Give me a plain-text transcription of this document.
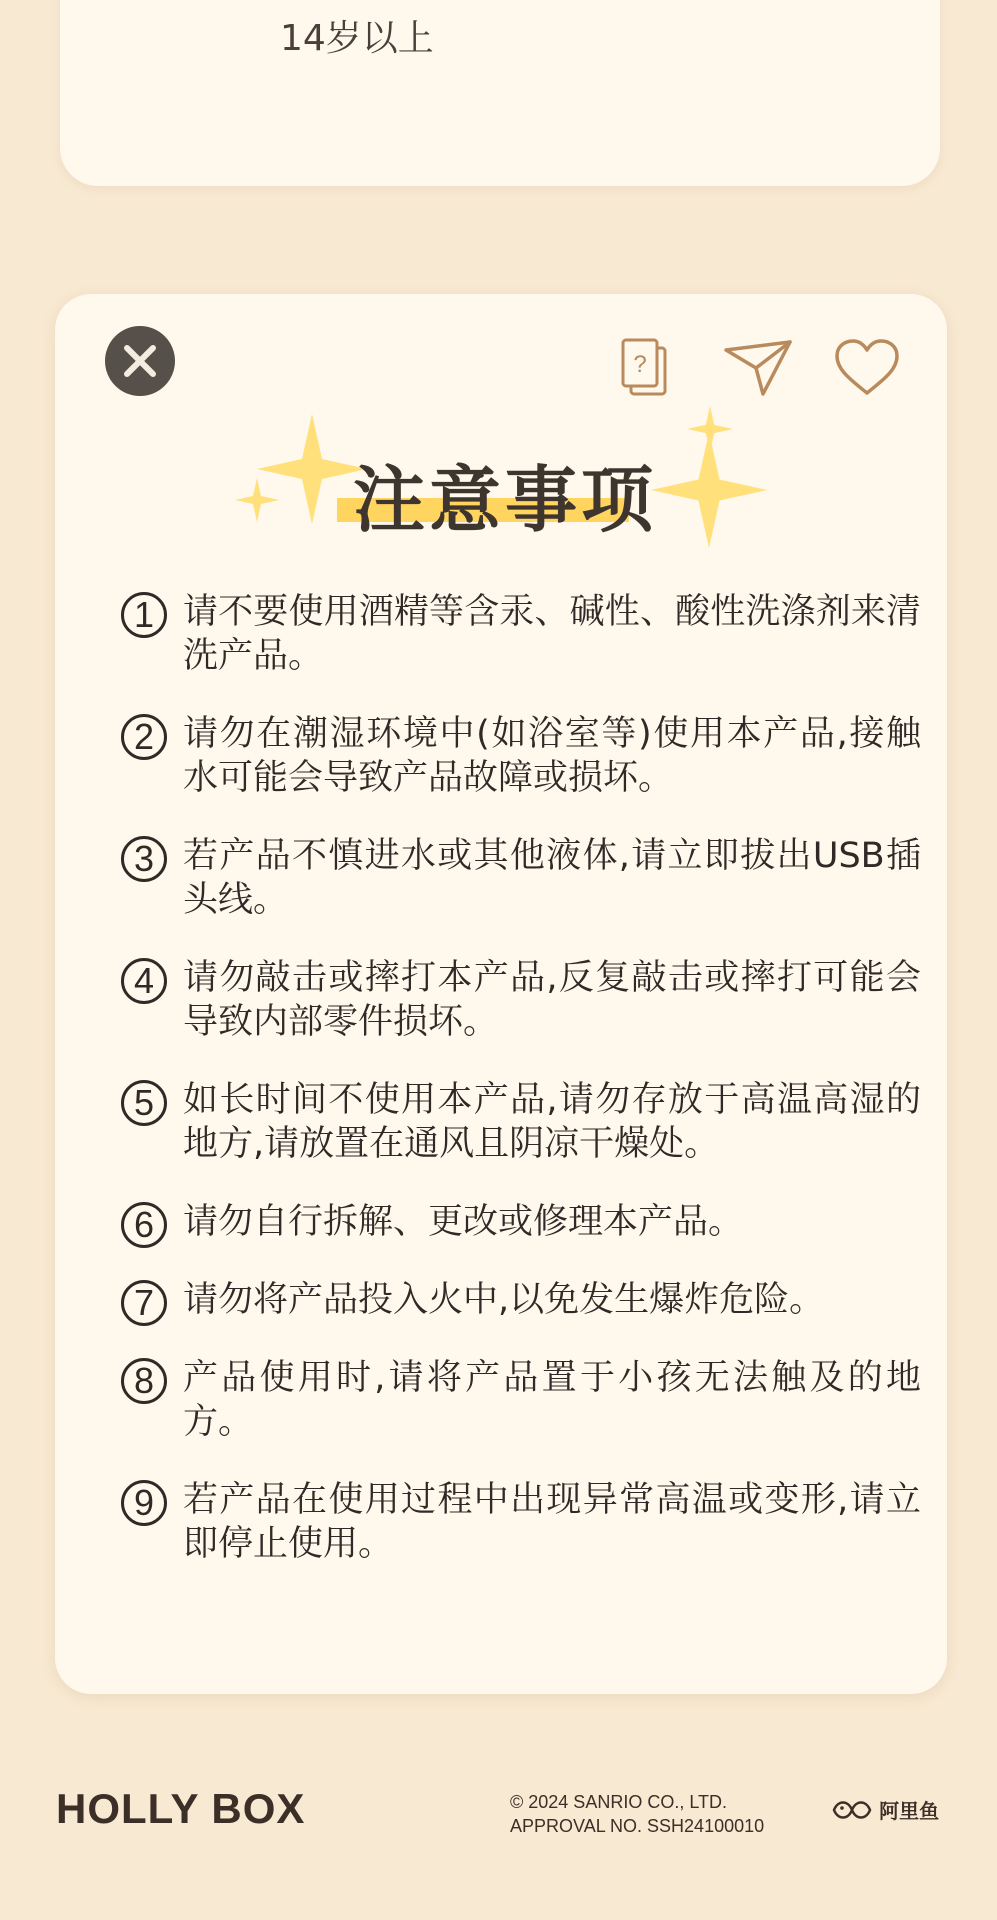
14岁以上
?
注意事项
1 请不要使用酒精等含汞、碱性、酸性洗涤剂来清洗产品。
2 请勿在潮湿环境中(如浴室等)使用本产品,接触水可能会导致产品故障或损坏。
3 若产品不慎进水或其他液体,请立即拔出USB插头线。
4 请勿敲击或摔打本产品,反复敲击或摔打可能会导致内部零件损坏。
5 如长时间不使用本产品,请勿存放于高温高湿的地方,请放置在通风且阴凉干燥处。
6 请勿自行拆解、更改或修理本产品。
7 请勿将产品投入火中,以免发生爆炸危险。
8 产品使用时,请将产品置于小孩无法触及的地方。
9 若产品在使用过程中出现异常高温或变形,请立即停止使用。
HOLLY BOX	© 2024 SANRIO CO., LTD.
APPROVAL NO. SSH24100010
阿里鱼
